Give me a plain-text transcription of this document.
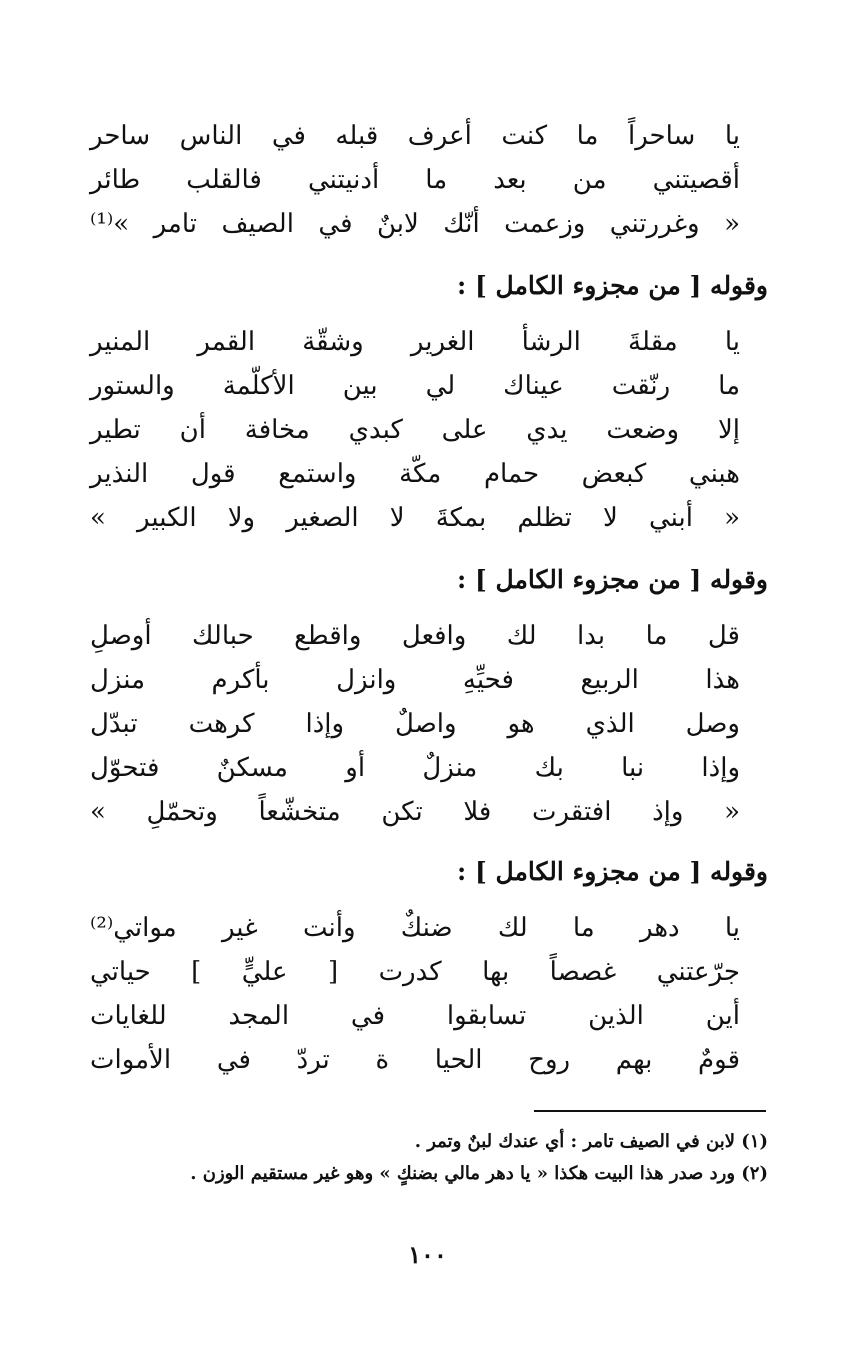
يا ساحراً ما كنت أعرف قبله في الناس ساحر
أقصيتني من بعد ما أدنيتني فالقلب طائر
« وغررتني وزعمت أنّك لابنٌ في الصيف تامر »⁽¹⁾
وقوله [ من مجزوء الكامل ] :
يا مقلةَ الرشأ الغرير وشقّة القمر المنير
ما رنّقت عيناك لي بين الأكلّمة والستور
إلا وضعت يدي على كبدي مخافة أن تطير
هبني كبعض حمام مكّة واستمع قول النذير
« أبني لا تظلم بمكةَ لا الصغير ولا الكبير »
وقوله [ من مجزوء الكامل ] :
قل ما بدا لك وافعل واقطع حبالك أوصلِ
هذا الربيع فحيِّهِ وانزل بأكرم منزل
وصل الذي هو واصلٌ وإذا كرهت تبدّل
وإذا نبا بك منزلٌ أو مسكنٌ فتحوّل
« وإذ افتقرت فلا تكن متخشّعاً وتحمّلِ »
وقوله [ من مجزوء الكامل ] :
يا دهر ما لك ضنكٌ وأنت غير مواتي⁽²⁾
جرّعتني غصصاً بها كدرت [ عليٍّ ] حياتي
أين الذين تسابقوا في المجد للغايات
قومٌ بهم روح الحيا ة تردّ في الأموات
(١) لابن في الصيف تامر : أي عندك لبنٌ وتمر .
(٢) ورد صدر هذا البيت هكذا « يا دهر مالي بضنكٍ » وهو غير مستقيم الوزن .
١٠٠
